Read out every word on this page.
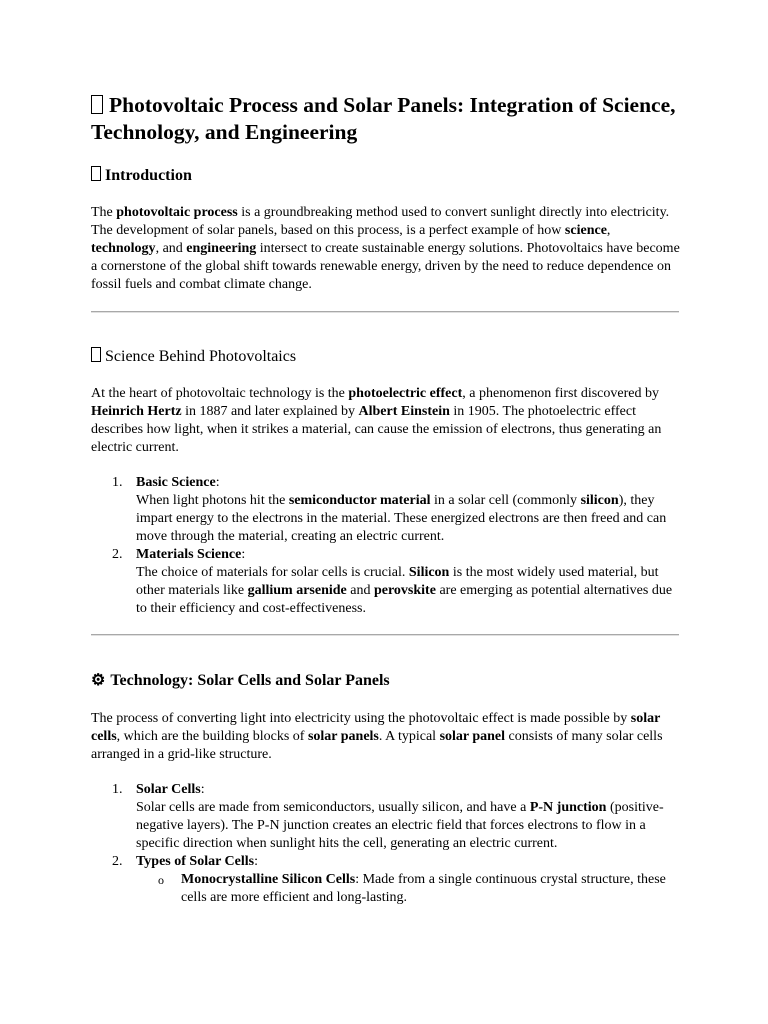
Photovoltaic Process and Solar Panels: Integration of Science, Technology, and Engineering
Introduction

The photovoltaic process is a groundbreaking method used to convert sunlight directly into electricity. The development of solar panels, based on this process, is a perfect example of how science, technology, and engineering intersect to create sustainable energy solutions. Photovoltaics have become a cornerstone of the global shift towards renewable energy, driven by the need to reduce dependence on fossil fuels and combat climate change.

Science Behind Photovoltaics

At the heart of photovoltaic technology is the photoelectric effect, a phenomenon first discovered by Heinrich Hertz in 1887 and later explained by Albert Einstein in 1905. The photoelectric effect describes how light, when it strikes a material, can cause the emission of electrons, thus generating an electric current.

1. Basic Science:
When light photons hit the semiconductor material in a solar cell (commonly silicon), they impart energy to the electrons in the material. These energized electrons are then freed and can move through the material, creating an electric current.
2. Materials Science:
The choice of materials for solar cells is crucial. Silicon is the most widely used material, but other materials like gallium arsenide and perovskite are emerging as potential alternatives due to their efficiency and cost-effectiveness.
⚙ Technology: Solar Cells and Solar Panels

The process of converting light into electricity using the photovoltaic effect is made possible by solar cells, which are the building blocks of solar panels. A typical solar panel consists of many solar cells arranged in a grid-like structure.

1. Solar Cells:
Solar cells are made from semiconductors, usually silicon, and have a P-N junction (positive-negative layers). The P-N junction creates an electric field that forces electrons to flow in a specific direction when sunlight hits the cell, generating an electric current.
2. Types of Solar Cells:
o Monocrystalline Silicon Cells: Made from a single continuous crystal structure, these cells are more efficient and long-lasting.
